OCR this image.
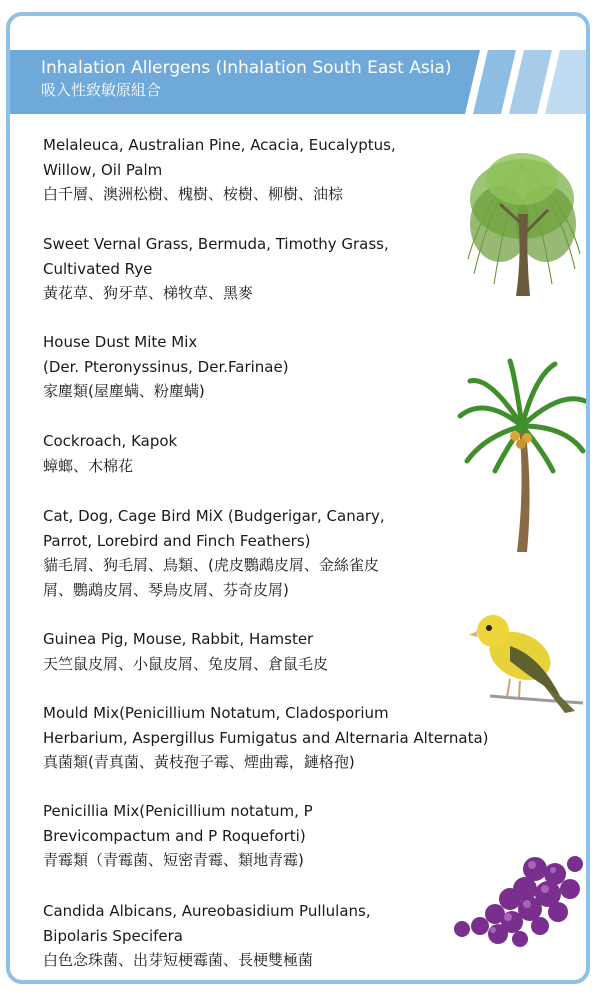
Inhalation Allergens (Inhalation South East Asia)
吸入性致敏原組合
Melaleuca, Australian Pine, Acacia, Eucalyptus,
Willow, Oil Palm
白千層、澳洲松樹、槐樹、桉樹、柳樹、油棕
Sweet Vernal Grass, Bermuda, Timothy Grass,
Cultivated Rye
黃花草、狗牙草、梯牧草、黑麥
House Dust Mite Mix
(Der. Pteronyssinus, Der.Farinae)
家塵類(屋塵螨、粉塵螨)
Cockroach, Kapok
蟑螂、木棉花
Cat, Dog, Cage Bird MiX (Budgerigar, Canary,
Parrot, Lorebird and Finch Feathers)
貓毛屑、狗毛屑、鳥類、(虎皮鸚鵡皮屑、金絲雀皮
屑、鸚鵡皮屑、琴鳥皮屑、芬奇皮屑)
Guinea Pig, Mouse, Rabbit, Hamster
天竺鼠皮屑、小鼠皮屑、兔皮屑、倉鼠毛皮
Mould Mix(Penicillium Notatum, Cladosporium
Herbarium, Aspergillus Fumigatus and Alternaria Alternata)
真菌類(青真菌、黃枝孢子霉、煙曲霉，鏈格孢)
Penicillia Mix(Penicillium notatum, P
Brevicompactum and P Roqueforti)
青霉類（青霉菌、短密青霉、類地青霉)
Candida Albicans, Aureobasidium Pullulans,
Bipolaris Specifera
白色念珠菌、出芽短梗霉菌、長梗雙極菌
